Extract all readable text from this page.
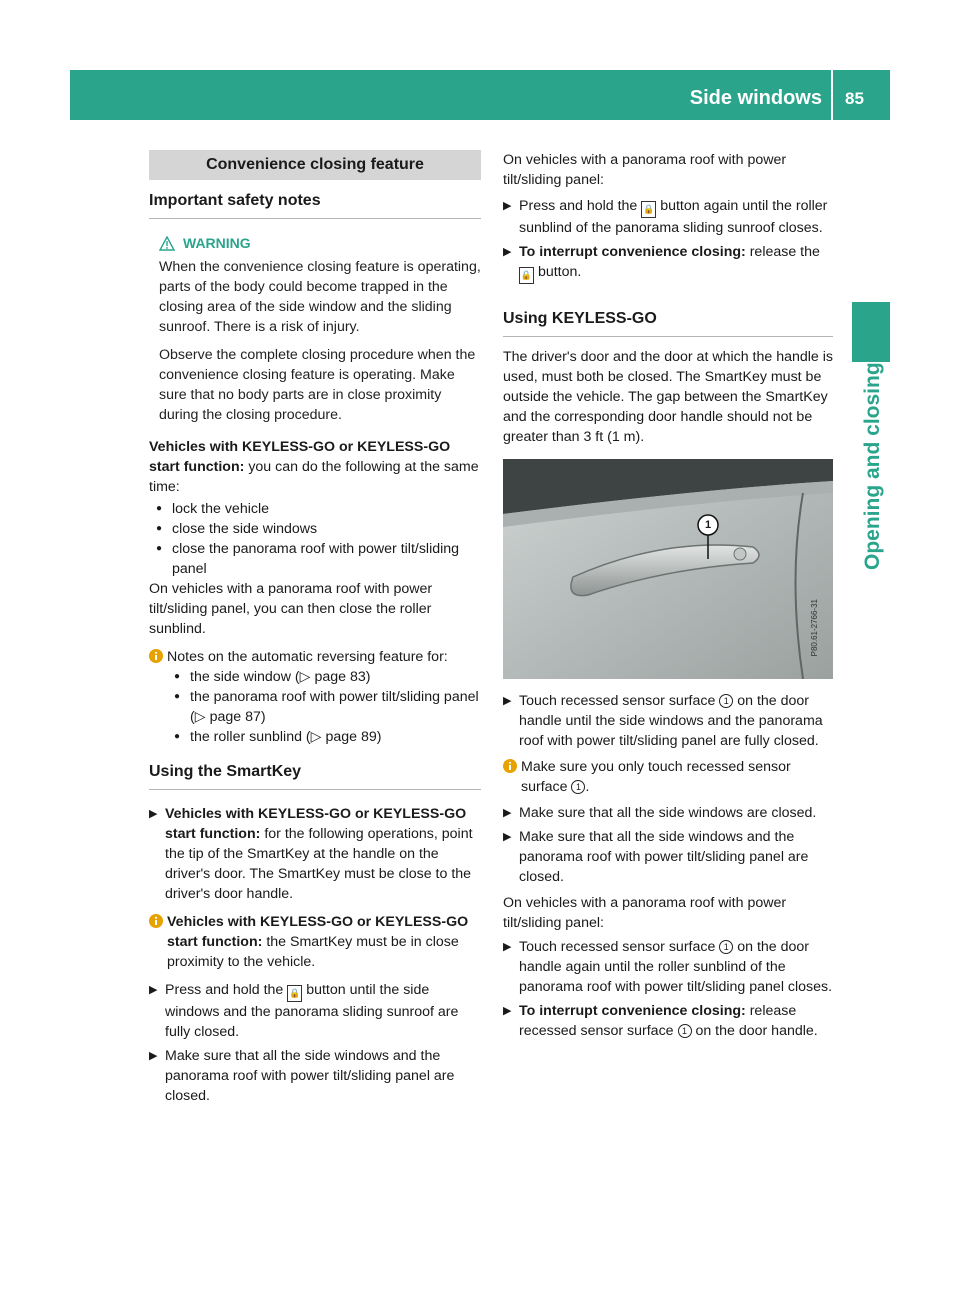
Side windows 85
Opening and closing
Convenience closing feature
Important safety notes
WARNING

When the convenience closing feature is operating, parts of the body could become trapped in the closing area of the side window and the sliding sunroof. There is a risk of injury.

Observe the complete closing procedure when the convenience closing feature is operating. Make sure that no body parts are in close proximity during the closing procedure.

Vehicles with KEYLESS-GO or KEYLESS-GO start function: you can do the following at the same time:

● lock the vehicle
● close the side windows
● close the panorama roof with power tilt/sliding panel

On vehicles with a panorama roof with power tilt/sliding panel, you can then close the roller sunblind.

Notes on the automatic reversing feature for:

● the side window (▷ page 83)
● the panorama roof with power tilt/sliding panel (▷ page 87)
● the roller sunblind (▷ page 89)
Using the SmartKey
▶ Vehicles with KEYLESS-GO or KEYLESS-GO start function: for the following operations, point the tip of the SmartKey at the handle on the driver's door. The SmartKey must be close to the driver's door handle.

Vehicles with KEYLESS-GO or KEYLESS-GO start function: the SmartKey must be in close proximity to the vehicle.

▶ Press and hold the 🔒 button until the side windows and the panorama sliding sunroof are fully closed.

▶ Make sure that all the side windows and the panorama roof with power tilt/sliding panel are closed.

On vehicles with a panorama roof with power tilt/sliding panel:

▶ Press and hold the 🔒 button again until the roller sunblind of the panorama sliding sunroof closes.

▶ To interrupt convenience closing: release the 🔒 button.

Using KEYLESS-GO

The driver's door and the door at which the handle is used, must both be closed. The SmartKey must be outside the vehicle. The gap between the SmartKey and the corresponding door handle should not be greater than 3 ft (1 m).

1
P80.61-2766-31
▶ Touch recessed sensor surface 1 on the door handle until the side windows and the panorama roof with power tilt/sliding panel are fully closed.

Make sure you only touch recessed sensor surface 1 .

▶ Make sure that all the side windows are closed.

▶ Make sure that all the side windows and the panorama roof with power tilt/sliding panel are closed.

On vehicles with a panorama roof with power tilt/sliding panel:

▶ Touch recessed sensor surface 1 on the door handle again until the roller sunblind of the panorama roof with power tilt/sliding panel closes.

▶ To interrupt convenience closing: release recessed sensor surface 1 on the door handle.
